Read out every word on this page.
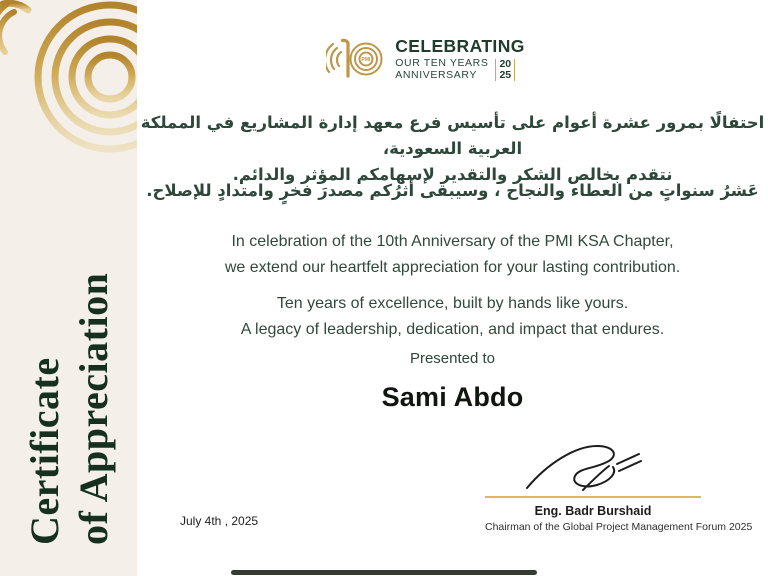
Certificate of Appreciation
PMI
CELEBRATING
OUR TEN YEARS
ANNIVERSARY
20
25
احتفالًا بمرور عشرة أعوام على تأسيس فرع معهد إدارة المشاريع في المملكة العربية السعودية،
نتقدم بخالص الشكر والتقدير لإسهامكم المؤثر والدائم.
عَشرُ سنواتٍ من العطاء والنجاح ، وسيبقى أثرُكم مصدرَ فخرٍ وامتدادٍ للإصلاح.
In celebration of the 10th Anniversary of the PMI KSA Chapter,
we extend our heartfelt appreciation for your lasting contribution.
Ten years of excellence, built by hands like yours.
A legacy of leadership, dedication, and impact that endures.
Presented to
Sami Abdo
Eng. Badr Burshaid
Chairman of the Global Project Management Forum 2025
July 4th , 2025
